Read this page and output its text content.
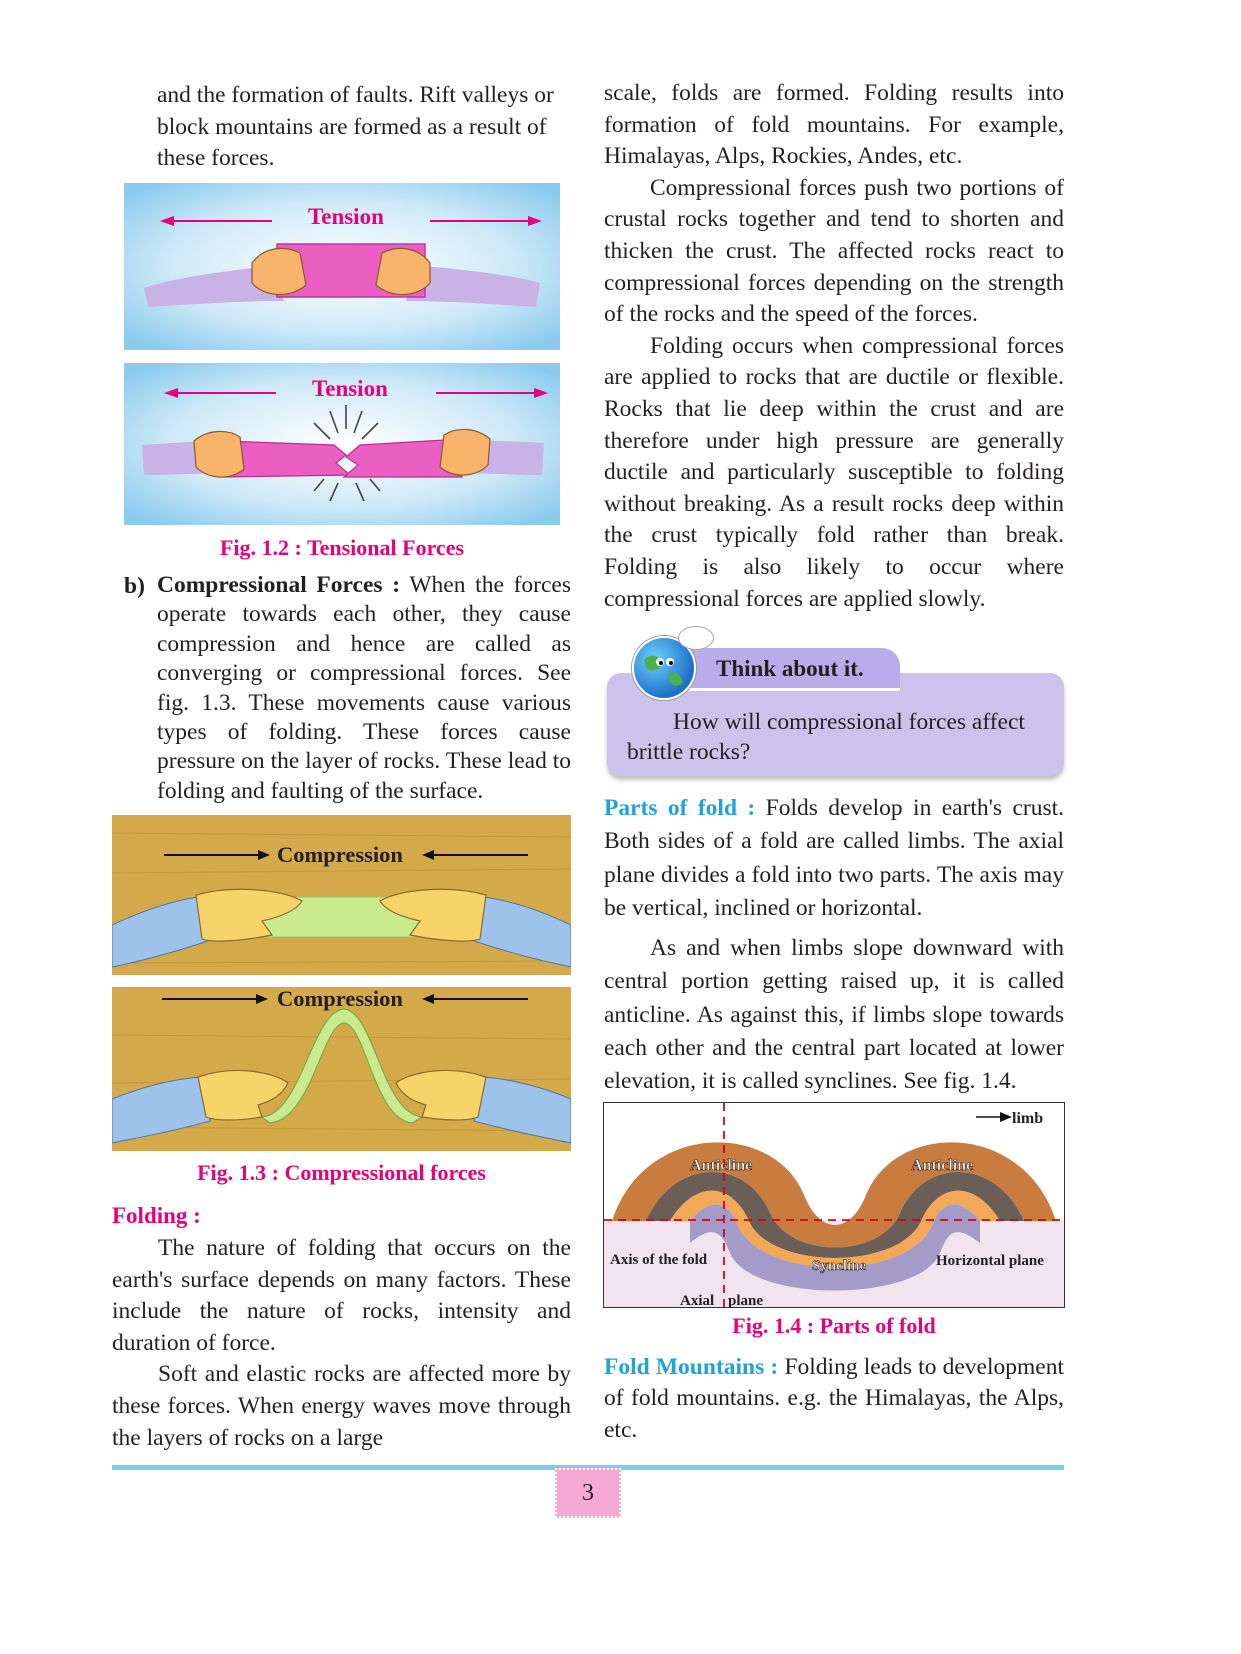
and the formation of faults. Rift valleys or
block mountains are formed as a result of
these forces.
Tension
Tension
Fig. 1.2 : Tensional Forces
b) Compressional Forces : When the forces operate towards each other, they cause compression and hence are called as converging or compressional forces. See fig. 1.3. These movements cause various types of folding. These forces cause pressure on the layer of rocks. These lead to folding and faulting of the surface.
Compression
Compression
Fig. 1.3 : Compressional forces
Folding :

The nature of folding that occurs on the earth's surface depends on many factors. These include the nature of rocks, intensity and duration of force.

Soft and elastic rocks are affected more by these forces. When energy waves move through the layers of rocks on a large

scale, folds are formed. Folding results into formation of fold mountains. For example, Himalayas, Alps, Rockies, Andes, etc.

Compressional forces push two portions of crustal rocks together and tend to shorten and thicken the crust. The affected rocks react to compressional forces depending on the strength of the rocks and the speed of the forces.

Folding occurs when compressional forces are applied to rocks that are ductile or flexible. Rocks that lie deep within the crust and are therefore under high pressure are generally ductile and particularly susceptible to folding without breaking. As a result rocks deep within the crust typically fold rather than break. Folding is also likely to occur where compressional forces are applied slowly.

Think about it.
How will compressional forces affect brittle rocks?
Parts of fold : Folds develop in earth's crust. Both sides of a fold are called limbs. The axial plane divides a fold into two parts. The axis may be vertical, inclined or horizontal.
As and when limbs slope downward with central portion getting raised up, it is called anticline. As against this, if limbs slope towards each other and the central part located at lower elevation, it is called synclines. See fig. 1.4.
limb
Anticline	Anticline
Axis of the fold	Syncline	Horizontal plane
Axial plane
Fig. 1.4 : Parts of fold
Fold Mountains : Folding leads to development of fold mountains. e.g. the Himalayas, the Alps, etc.
3
